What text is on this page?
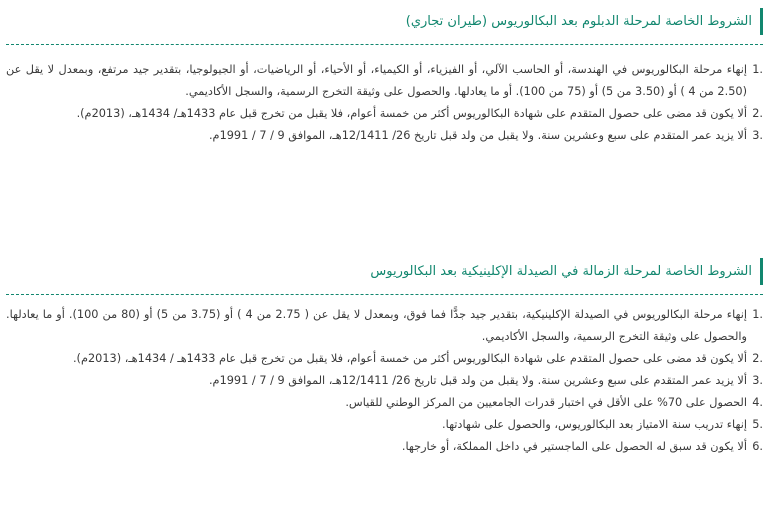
الشروط الخاصة لمرحلة الدبلوم بعد البكالوريوس (طيران تجاري)
1.
إنهاء مرحلة البكالوريوس في الهندسة، أو الحاسب الآلي، أو الفيزياء، أو الكيمياء، أو الأحياء، أو الرياضيات، أو الجيولوجيا، بتقدير جيد مرتفع، وبمعدل لا يقل عن (2.50 من 4 ) أو (3.50 من 5) أو (75 من 100). أو ما يعادلها. والحصول على وثيقة التخرج الرسمية، والسجل الأكاديمي.
2.
ألا يكون قد مضى على حصول المتقدم على شهادة البكالوريوس أكثر من خمسة أعوام، فلا يقبل من تخرج قبل عام 1433هـ/ 1434هـ، (2013م).
3.
ألا يزيد عمر المتقدم على سبع وعشرين سنة. ولا يقبل من ولد قبل تاريخ 26/ 12/1411هـ، الموافق 9 / 7 / 1991م.
الشروط الخاصة لمرحلة الزمالة في الصيدلة الإكلينيكية بعد البكالوريوس
1.
إنهاء مرحلة البكالوريوس في الصيدلة الإكلينيكية، بتقدير جيد جدًّا فما فوق، وبمعدل لا يقل عن ( 2.75 من 4 ) أو (3.75 من 5) أو (80 من 100). أو ما يعادلها. والحصول على وثيقة التخرج الرسمية، والسجل الأكاديمي.
2.
ألا يكون قد مضى على حصول المتقدم على شهادة البكالوريوس أكثر من خمسة أعوام، فلا يقبل من تخرج قبل عام 1433هـ / 1434هـ، (2013م).
3.
ألا يزيد عمر المتقدم على سبع وعشرين سنة. ولا يقبل من ولد قبل تاريخ 26/ 12/1411هـ، الموافق 9 / 7 / 1991م.
4.
الحصول على 70% على الأقل في اختبار قدرات الجامعيين من المركز الوطني للقياس.
5.
إنهاء تدريب سنة الامتياز بعد البكالوريوس، والحصول على شهادتها.
6.
ألا يكون قد سبق له الحصول على الماجستير في داخل المملكة، أو خارجها.
